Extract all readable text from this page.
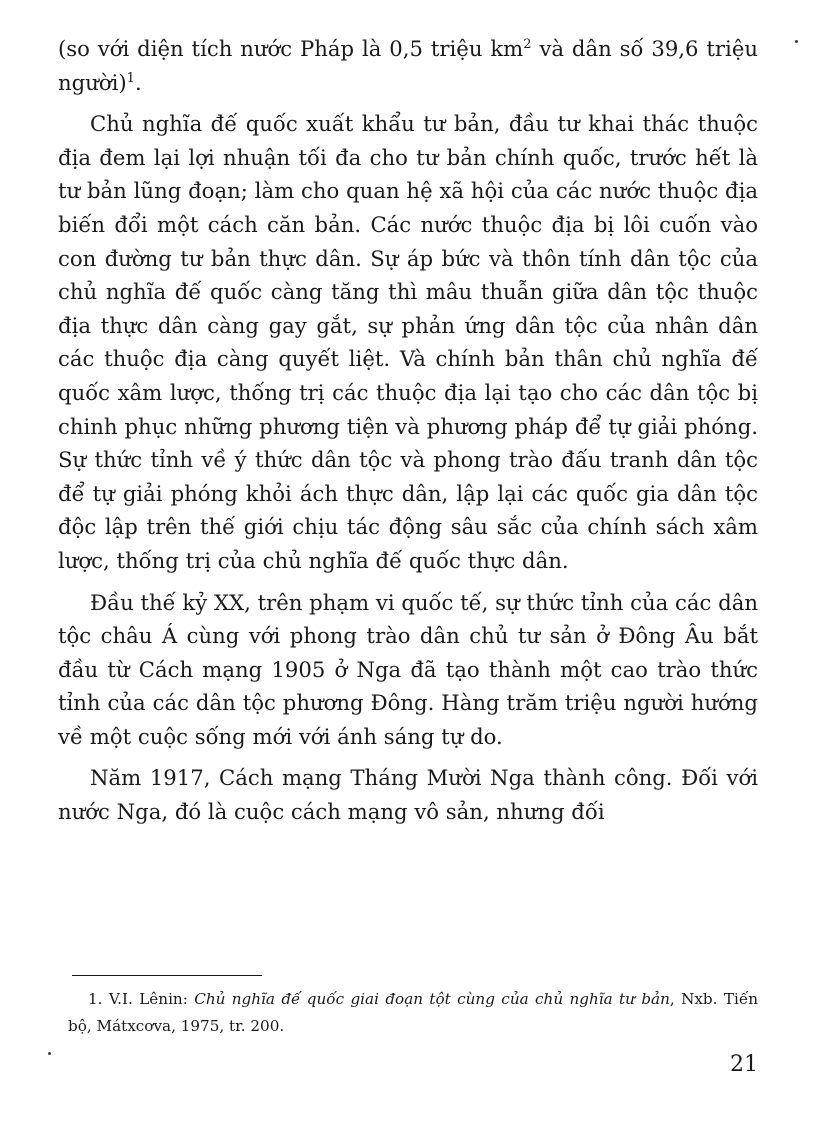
(so với diện tích nước Pháp là 0,5 triệu $km^2$ và dân số 39,6 triệu người)$^1$.

Chủ nghĩa đế quốc xuất khẩu tư bản, đầu tư khai thác thuộc địa đem lại lợi nhuận tối đa cho tư bản chính quốc, trước hết là tư bản lũng đoạn; làm cho quan hệ xã hội của các nước thuộc địa biến đổi một cách căn bản. Các nước thuộc địa bị lôi cuốn vào con đường tư bản thực dân. Sự áp bức và thôn tính dân tộc của chủ nghĩa đế quốc càng tăng thì mâu thuẫn giữa dân tộc thuộc địa thực dân càng gay gắt, sự phản ứng dân tộc của nhân dân các thuộc địa càng quyết liệt. Và chính bản thân chủ nghĩa đế quốc xâm lược, thống trị các thuộc địa lại tạo cho các dân tộc bị chinh phục những phương tiện và phương pháp để tự giải phóng. Sự thức tỉnh về ý thức dân tộc và phong trào đấu tranh dân tộc để tự giải phóng khỏi ách thực dân, lập lại các quốc gia dân tộc độc lập trên thế giới chịu tác động sâu sắc của chính sách xâm lược, thống trị của chủ nghĩa đế quốc thực dân.

Đầu thế kỷ XX, trên phạm vi quốc tế, sự thức tỉnh của các dân tộc châu Á cùng với phong trào dân chủ tư sản ở Đông Âu bắt đầu từ Cách mạng 1905 ở Nga đã tạo thành một cao trào thức tỉnh của các dân tộc phương Đông. Hàng trăm triệu người hướng về một cuộc sống mới với ánh sáng tự do.

Năm 1917, Cách mạng Tháng Mười Nga thành công. Đối với nước Nga, đó là cuộc cách mạng vô sản, nhưng đối

1. V.I. Lênin: Chủ nghĩa đế quốc giai đoạn tột cùng của chủ nghĩa tư bản, Nxb. Tiến bộ, Mátxcơva, 1975, tr. 200.
21
